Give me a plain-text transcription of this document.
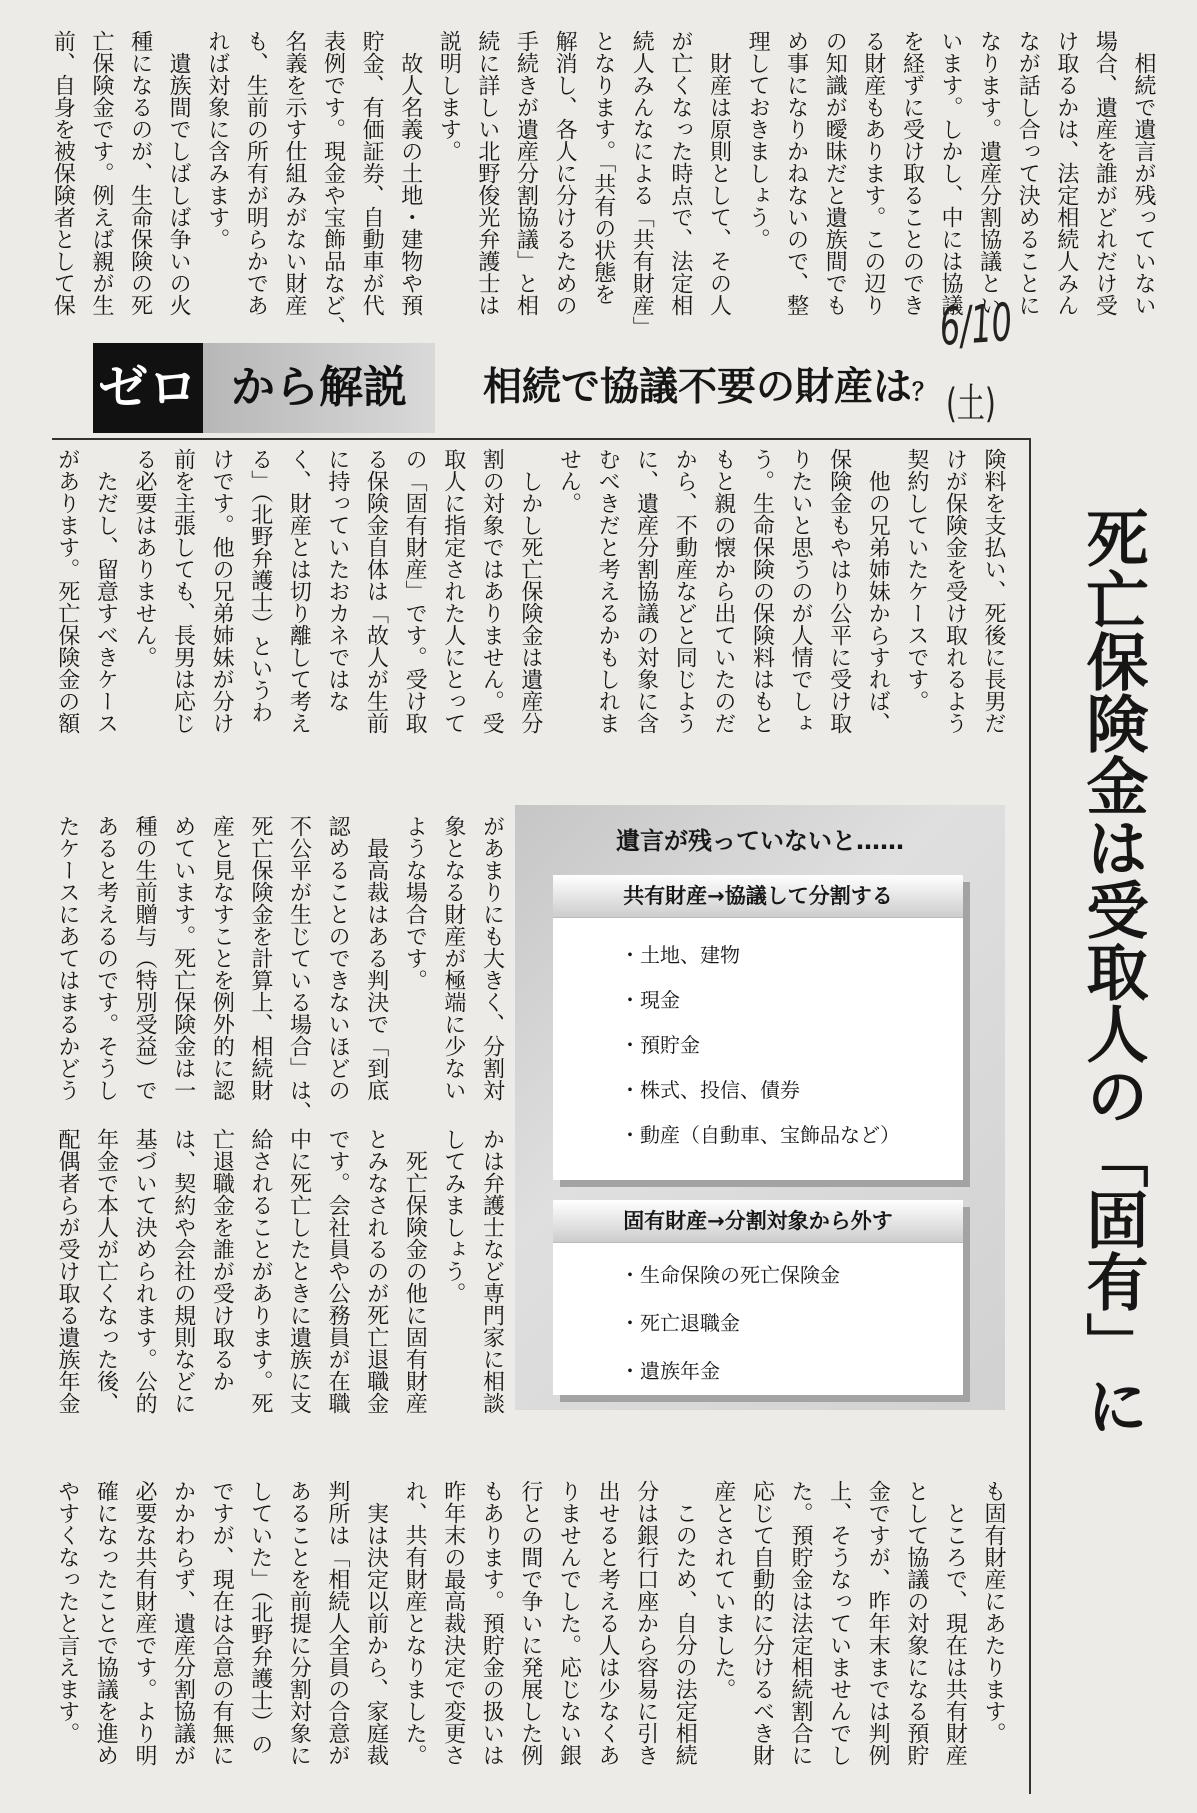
　相続で遺言が残っていない
場合、遺産を誰がどれだけ受
け取るかは、法定相続人みん
なが話し合って決めることに
なります。遺産分割協議とい
います。しかし、中には協議
を経ずに受け取ることのでき
る財産もあります。この辺り
の知識が曖昧だと遺族間でも
め事になりかねないので、整
理しておきましょう。
　財産は原則として、その人
が亡くなった時点で、法定相
続人みんなによる「共有財産」
となります。「共有の状態を
解消し、各人に分けるための
手続きが遺産分割協議」と相
続に詳しい北野俊光弁護士は
説明します。
　故人名義の土地・建物や預
貯金、有価証券、自動車が代
表例です。現金や宝飾品など、
名義を示す仕組みがない財産
も、生前の所有が明らかであ
れば対象に含みます。
　遺族間でしばしば争いの火
種になるのが、生命保険の死
亡保険金です。例えば親が生
前、自身を被保険者として保
ゼロ から解説	相続で協議不要の財産は？
6/10
(土)
死亡保険金は受取人の「固有」に
険料を支払い、死後に長男だ
けが保険金を受け取れるよう
契約していたケースです。
　他の兄弟姉妹からすれば、
保険金もやはり公平に受け取
りたいと思うのが人情でしょ
う。生命保険の保険料はもと
もと親の懐から出ていたのだ
から、不動産などと同じよう
に、遺産分割協議の対象に含
むべきだと考えるかもしれま
せん。
　しかし死亡保険金は遺産分
割の対象ではありません。受
取人に指定された人にとって
の「固有財産」です。受け取
る保険金自体は「故人が生前
に持っていたおカネではな
く、財産とは切り離して考え
る」（北野弁護士）というわ
けです。他の兄弟姉妹が分け
前を主張しても、長男は応じ
る必要はありません。
　ただし、留意すべきケース
があります。死亡保険金の額
があまりにも大きく、分割対
象となる財産が極端に少ない
ような場合です。
　最高裁はある判決で「到底
認めることのできないほどの
不公平が生じている場合」は、
死亡保険金を計算上、相続財
産と見なすことを例外的に認
めています。死亡保険金は一
種の生前贈与（特別受益）で
あると考えるのです。そうし
たケースにあてはまるかどう
かは弁護士など専門家に相談
してみましょう。
　死亡保険金の他に固有財産
とみなされるのが死亡退職金
です。会社員や公務員が在職
中に死亡したときに遺族に支
給されることがあります。死
亡退職金を誰が受け取るか
は、契約や会社の規則などに
基づいて決められます。公的
年金で本人が亡くなった後、
配偶者らが受け取る遺族年金
遺言が残っていないと……
共有財産→協議して分割する
・土地、建物
・現金
・預貯金
・株式、投信、債券
・動産（自動車、宝飾品など）
固有財産→分割対象から外す
・生命保険の死亡保険金
・死亡退職金
・遺族年金
も固有財産にあたります。
　ところで、現在は共有財産
として協議の対象になる預貯
金ですが、昨年末までは判例
上、そうなっていませんでし
た。預貯金は法定相続割合に
応じて自動的に分けるべき財
産とされていました。
　このため、自分の法定相続
分は銀行口座から容易に引き
出せると考える人は少なくあ
りませんでした。応じない銀
行との間で争いに発展した例
もあります。預貯金の扱いは
昨年末の最高裁決定で変更さ
れ、共有財産となりました。
　実は決定以前から、家庭裁
判所は「相続人全員の合意が
あることを前提に分割対象に
していた」（北野弁護士）の
ですが、現在は合意の有無に
かかわらず、遺産分割協議が
必要な共有財産です。より明
確になったことで協議を進め
やすくなったと言えます。
